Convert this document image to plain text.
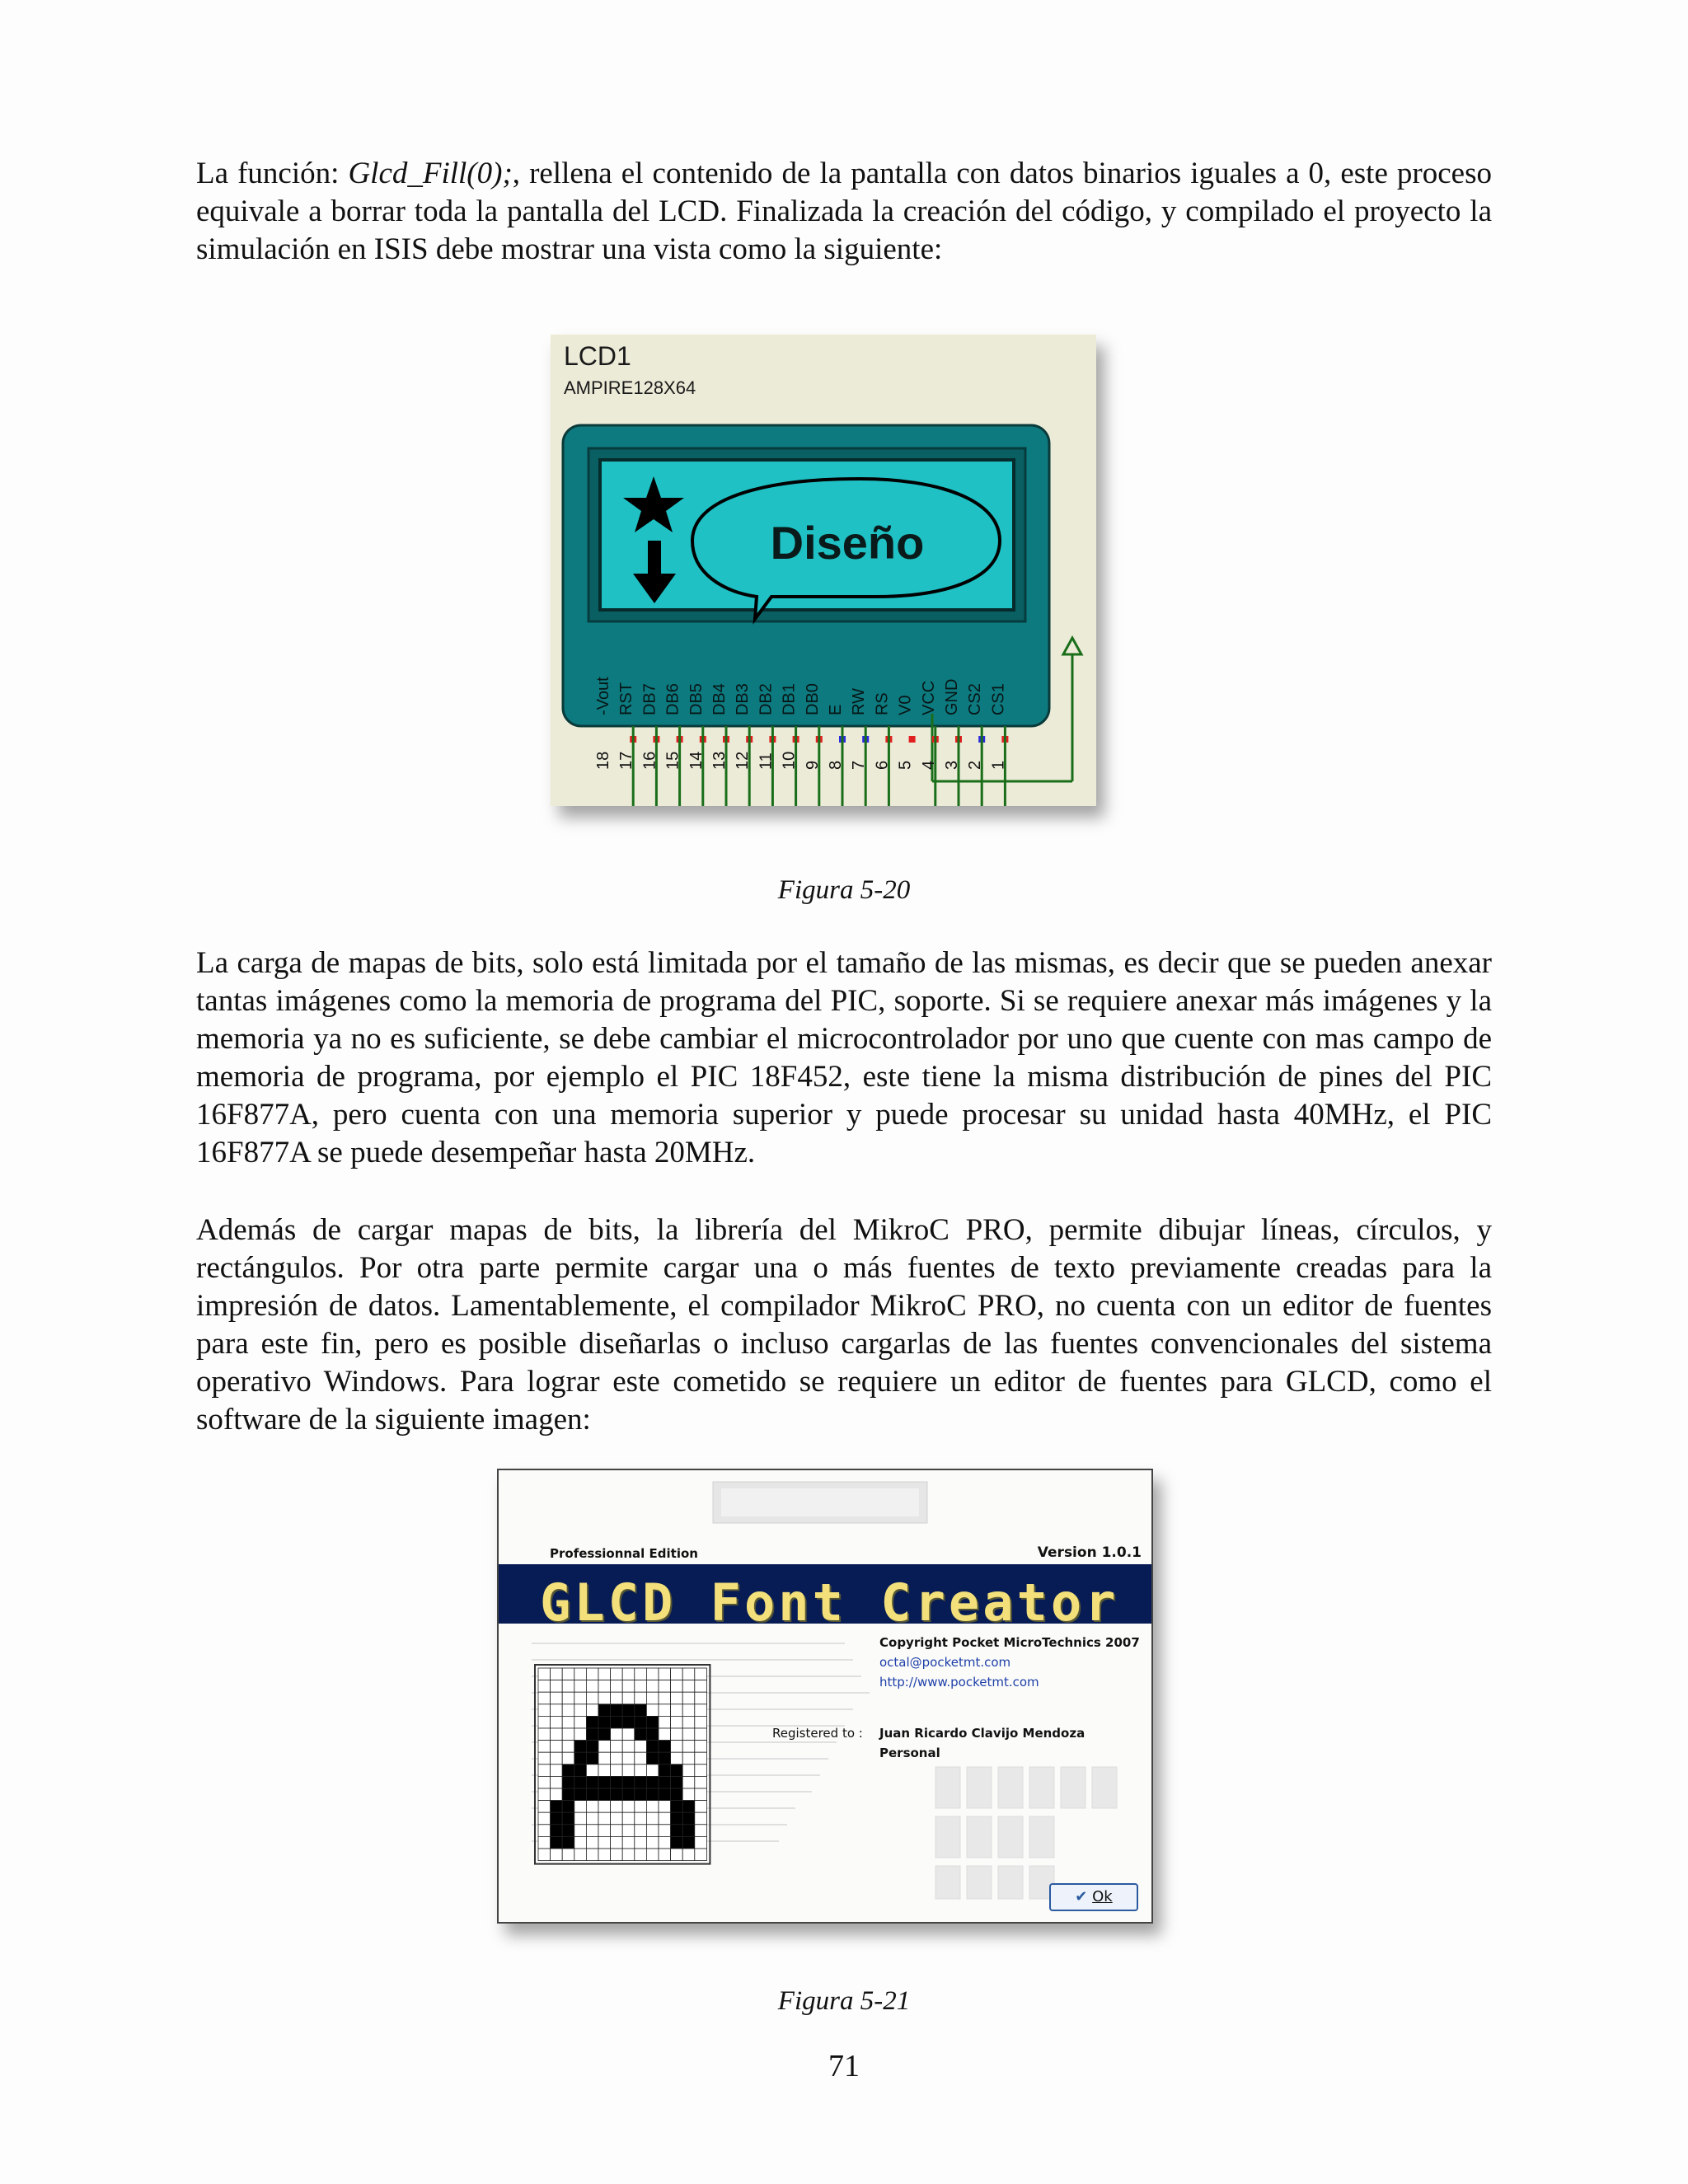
La función: Glcd_Fill(0);, rellena el contenido de la pantalla con datos binarios iguales a 0, este proceso equivale a borrar toda la pantalla del LCD. Finalizada la creación del código, y compilado el proyecto la simulación en ISIS debe mostrar una vista como la siguiente:

Diseño
-Vout
18
RST
17
DB7
16
DB6
15
DB5
14
DB4
13
DB3
12
DB2
11
DB1
10
DB0
9
E
8
RW
7
RS
6
V0
5
VCC
4
GND
3
CS2
2
CS1
1
LCD1
AMPIRE128X64
Figura 5-20

La carga de mapas de bits, solo está limitada por el tamaño de las mismas, es decir que se pueden anexar tantas imágenes como la memoria de programa del PIC, soporte. Si se requiere anexar más imágenes y la memoria ya no es suficiente, se debe cambiar el microcontrolador por uno que cuente con mas campo de memoria de programa, por ejemplo el PIC 18F452, este tiene la misma distribución de pines del PIC 16F877A, pero cuenta con una memoria superior y puede procesar su unidad hasta 40MHz, el PIC 16F877A se puede desempeñar hasta 20MHz.

Además de cargar mapas de bits, la librería del MikroC PRO, permite dibujar líneas, círculos, y rectángulos. Por otra parte permite cargar una o más fuentes de texto previamente creadas para la impresión de datos. Lamentablemente, el compilador MikroC PRO, no cuenta con un editor de fuentes para este fin, pero es posible diseñarlas o incluso cargarlas de las fuentes convencionales del sistema operativo Windows. Para lograr este cometido se requiere un editor de fuentes para GLCD, como el software de la siguiente imagen:

Professionnal Edition	Version 1.0.1
GLCD Font Creator
Copyright Pocket MicroTechnics 2007
octal@pocketmt.com
http://www.pocketmt.com
Registered to : Juan Ricardo Clavijo Mendoza
Personal
✔ Ok
Figura 5-21
71
